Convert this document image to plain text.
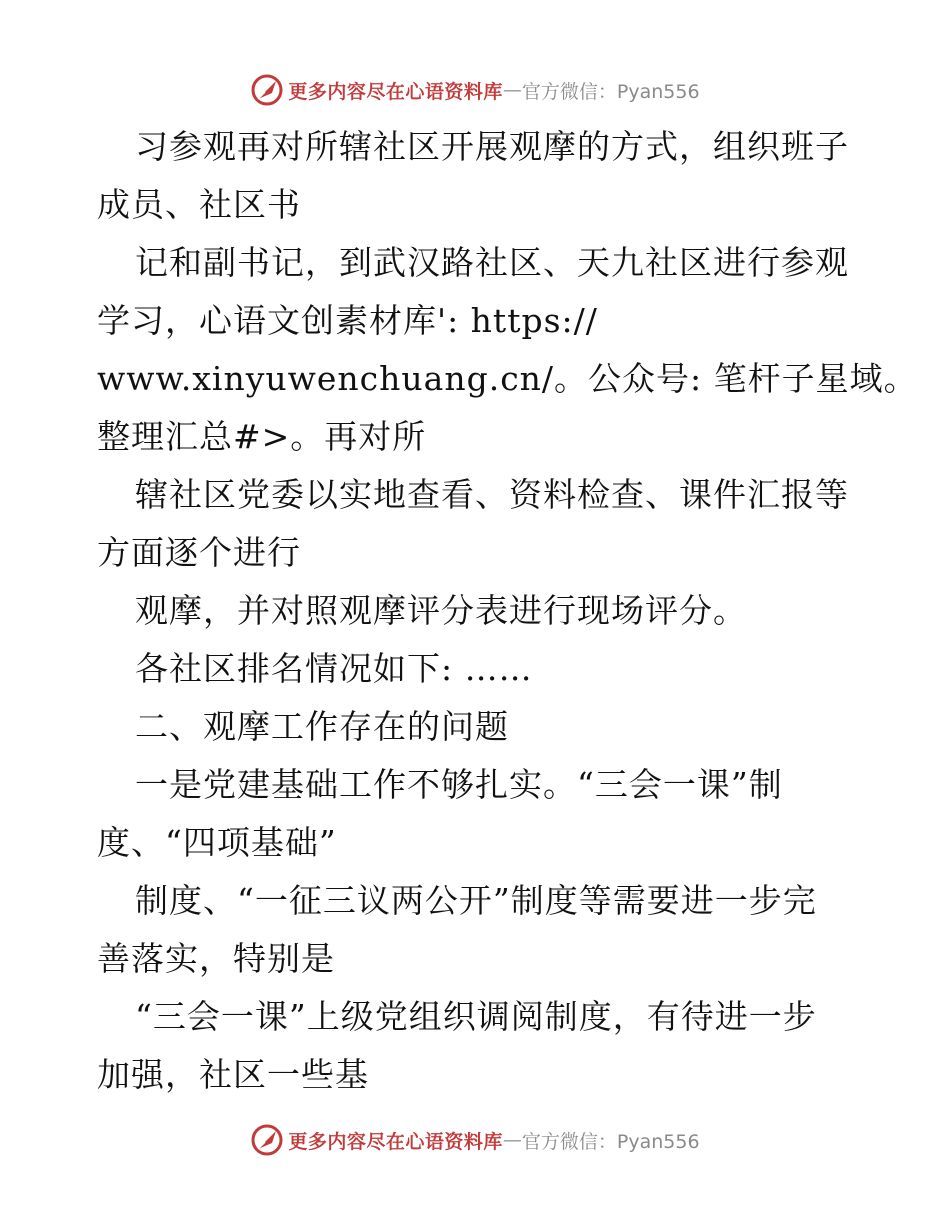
更多内容尽在心语资料库 — 官方微信：Pyan556
习参观再对所辖社区开展观摩的方式，组织班子
成员、社区书
记和副书记，到武汉路社区、天九社区进行参观
学习，心语文创素材库': https://
www.xinyuwenchuang.cn/。公众号: 笔杆子星域。
整理汇总#>。再对所
辖社区党委以实地查看、资料检查、课件汇报等
方面逐个进行
观摩，并对照观摩评分表进行现场评分。
各社区排名情况如下: ……
二、观摩工作存在的问题
一是党建基础工作不够扎实。“三会一课”制
度、“四项基础”
制度、“一征三议两公开”制度等需要进一步完
善落实，特别是
“三会一课”上级党组织调阅制度，有待进一步
加强，社区一些基
更多内容尽在心语资料库 — 官方微信：Pyan556
